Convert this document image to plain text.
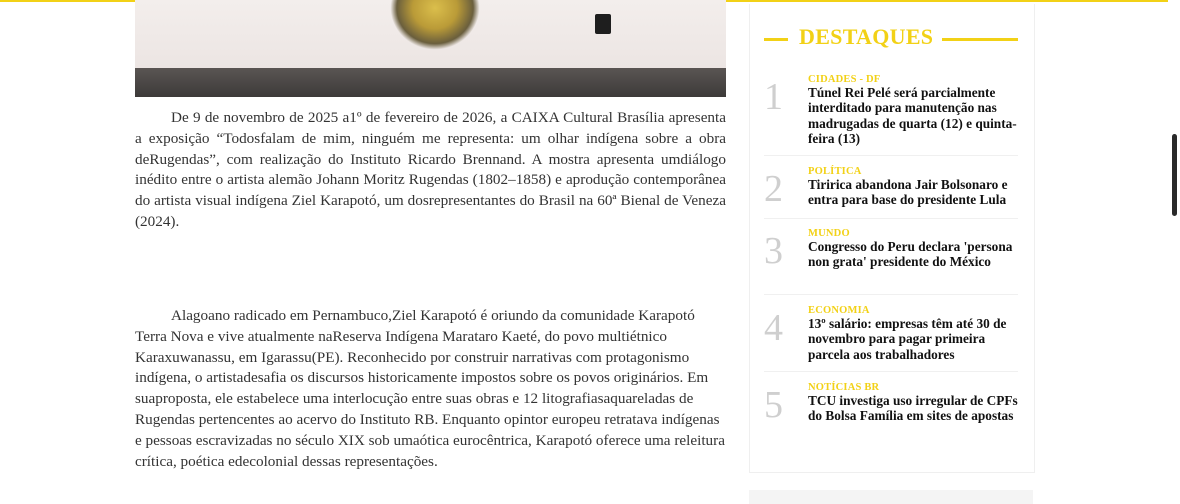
De 9 de novembro de 2025 a1º de fevereiro de 2026, a CAIXA Cultural Brasília apresenta a exposição “Todosfalam de mim, ninguém me representa: um olhar indígena sobre a obra deRugendas”, com realização do Instituto Ricardo Brennand. A mostra apresenta umdiálogo inédito entre o artista alemão Johann Moritz Rugendas (1802–1858) e aprodução contemporânea do artista visual indígena Ziel Karapotó, um dosrepresentantes do Brasil na 60ª Bienal de Veneza (2024).

Alagoano radicado em Pernambuco,Ziel Karapotó é oriundo da comunidade Karapotó Terra Nova e vive atualmente naReserva Indígena Marataro Kaeté, do povo multiétnico Karaxuwanassu, em Igarassu(PE). Reconhecido por construir narrativas com protagonismo indígena, o artistadesafia os discursos historicamente impostos sobre os povos originários. Em suaproposta, ele estabelece uma interlocução entre suas obras e 12 litografiasaquareladas de Rugendas pertencentes ao acervo do Instituto RB. Enquanto opintor europeu retratava indígenas e pessoas escravizadas no século XIX sob umaótica eurocêntrica, Karapotó oferece uma releitura crítica, poética edecolonial dessas representações.

DESTAQUES
1 CIDADES - DF
Túnel Rei Pelé será parcialmente interditado para manutenção nas madrugadas de quarta (12) e quinta-feira (13)
2 POLÍTICA
Tiririca abandona Jair Bolsonaro e entra para base do presidente Lula
3 MUNDO
Congresso do Peru declara 'persona non grata' presidente do México
4 ECONOMIA
13º salário: empresas têm até 30 de novembro para pagar primeira parcela aos trabalhadores
5 NOTÍCIAS BR
TCU investiga uso irregular de CPFs do Bolsa Família em sites de apostas
